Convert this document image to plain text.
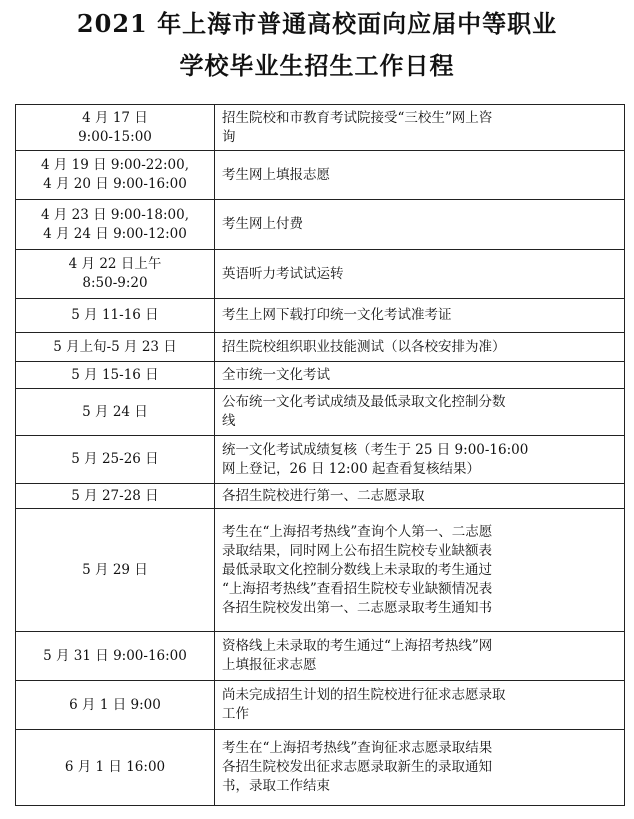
2021 年上海市普通高校面向应届中等职业
学校毕业生招生工作日程
4 月 17 日
9:00-15:00	招生院校和市教育考试院接受“三校生”网上咨
询
4 月 19 日 9:00-22:00,
4 月 20 日 9:00-16:00	考生网上填报志愿
4 月 23 日 9:00-18:00,
4 月 24 日 9:00-12:00	考生网上付费
4 月 22 日上午
8:50-9:20	英语听力考试试运转
5 月 11-16 日	考生上网下载打印统一文化考试准考证
5 月上旬-5 月 23 日	招生院校组织职业技能测试（以各校安排为准）
5 月 15-16 日	全市统一文化考试
5 月 24 日	公布统一文化考试成绩及最低录取文化控制分数
线
5 月 25-26 日	统一文化考试成绩复核（考生于 25 日 9:00-16:00
网上登记，26 日 12:00 起查看复核结果）
5 月 27-28 日	各招生院校进行第一、二志愿录取
5 月 29 日	考生在“上海招考热线”查询个人第一、二志愿
录取结果，同时网上公布招生院校专业缺额表
最低录取文化控制分数线上未录取的考生通过
“上海招考热线”查看招生院校专业缺额情况表
各招生院校发出第一、二志愿录取考生通知书
5 月 31 日 9:00-16:00	资格线上未录取的考生通过“上海招考热线”网
上填报征求志愿
6 月 1 日 9:00	尚未完成招生计划的招生院校进行征求志愿录取
工作
6 月 1 日 16:00	考生在“上海招考热线”查询征求志愿录取结果
各招生院校发出征求志愿录取新生的录取通知
书，录取工作结束
